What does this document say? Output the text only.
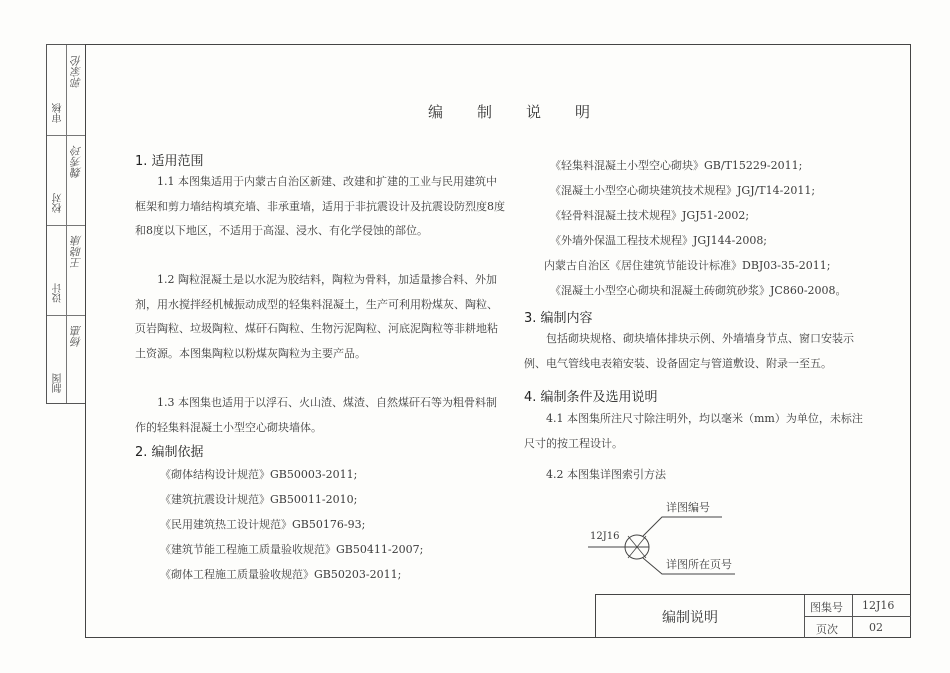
审核
郭家伦
校对
魏秀玲
设计
王晓康
制图
杨惠
编制说明
1. 适用范围
1.1 本图集适用于内蒙古自治区新建、改建和扩建的工业与民用建筑中框架和剪力墙结构填充墙、非承重墙，适用于非抗震设计及抗震设防烈度8度和8度以下地区，不适用于高湿、浸水、有化学侵蚀的部位。
1.2 陶粒混凝土是以水泥为胶结料，陶粒为骨料，加适量掺合料、外加剂，用水搅拌经机械振动成型的轻集料混凝土，生产可利用粉煤灰、陶粒、页岩陶粒、垃圾陶粒、煤矸石陶粒、生物污泥陶粒、河底泥陶粒等非耕地粘土资源。本图集陶粒以粉煤灰陶粒为主要产品。
1.3 本图集也适用于以浮石、火山渣、煤渣、自然煤矸石等为粗骨料制作的轻集料混凝土小型空心砌块墙体。
2. 编制依据
《砌体结构设计规范》GB50003-2011;
《建筑抗震设计规范》GB50011-2010;
《民用建筑热工设计规范》GB50176-93;
《建筑节能工程施工质量验收规范》GB50411-2007;
《砌体工程施工质量验收规范》GB50203-2011;
《轻集料混凝土小型空心砌块》GB/T15229-2011;
《混凝土小型空心砌块建筑技术规程》JGJ/T14-2011;
《轻骨料混凝土技术规程》JGJ51-2002;
《外墙外保温工程技术规程》JGJ144-2008;
内蒙古自治区《居住建筑节能设计标准》DBJ03-35-2011;
《混凝土小型空心砌块和混凝土砖砌筑砂浆》JC860-2008。
3. 编制内容
包括砌块规格、砌块墙体排块示例、外墙墙身节点、窗口安装示例、电气管线电表箱安装、设备固定与管道敷设、附录一至五。
4. 编制条件及选用说明
4.1 本图集所注尺寸除注明外，均以毫米（mm）为单位，未标注尺寸的按工程设计。
4.2 本图集详图索引方法
详图编号
12J16
详图所在页号
编制说明
图集号 12J16
页次	02
